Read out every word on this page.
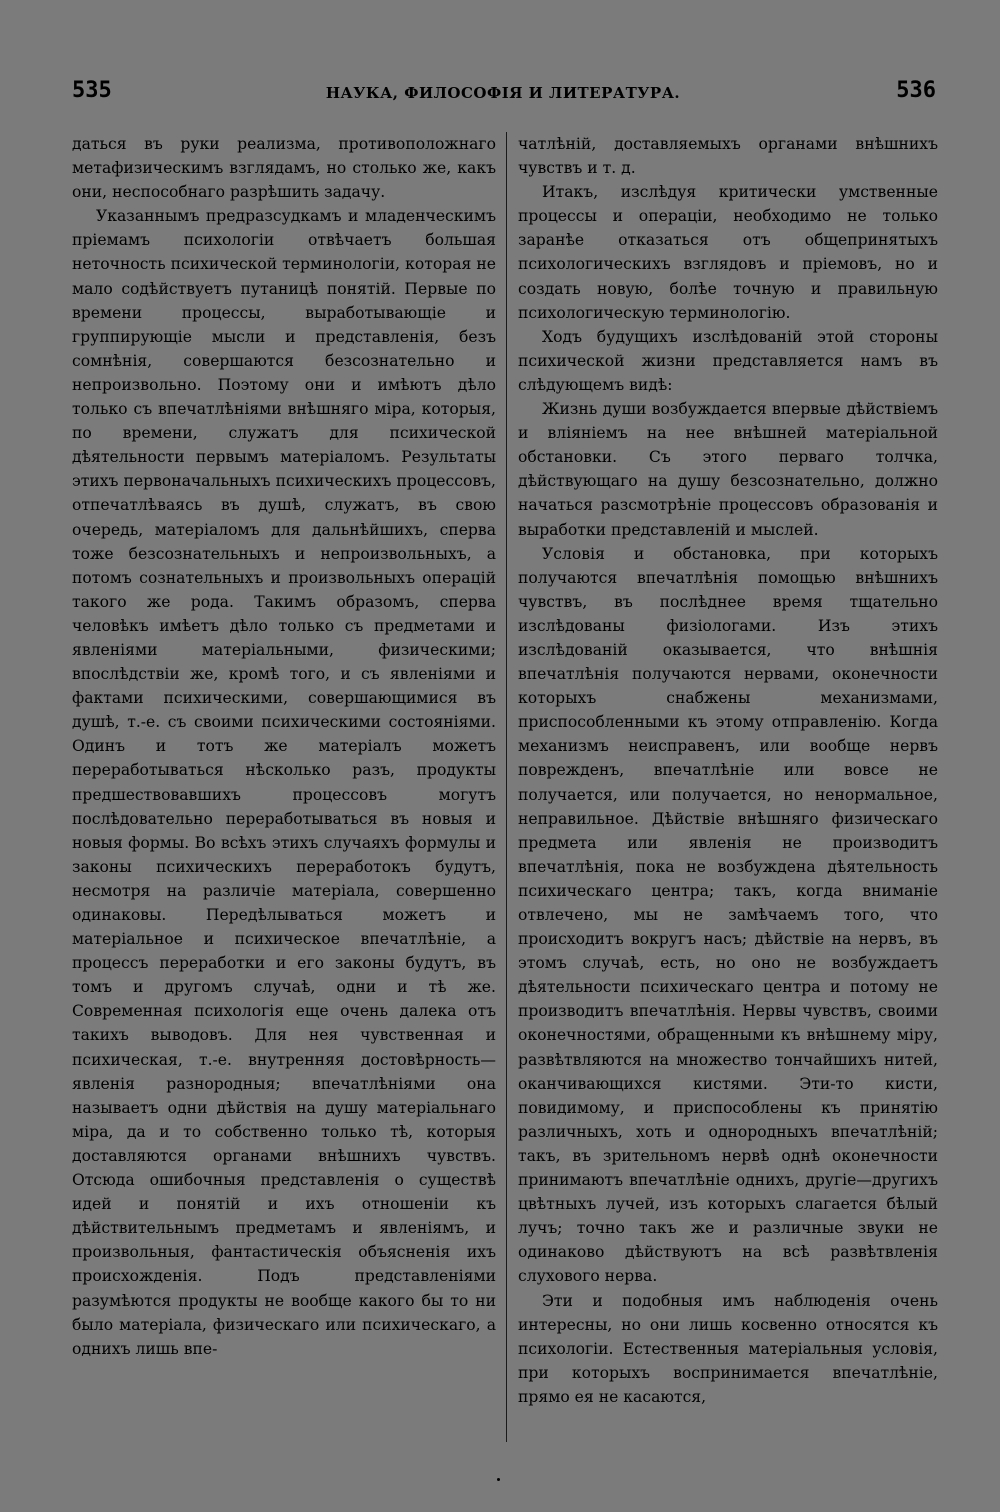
535	НАУКА, ФИЛОСОФІЯ И ЛИТЕРАТУРА.	536

даться въ руки реализма, противоположнаго метафизическимъ взглядамъ, но столько же, какъ они, неспособнаго разрѣшить задачу.

Указаннымъ предразсудкамъ и младенческимъ пріемамъ психологіи отвѣчаетъ большая неточность психической терминологіи, которая не мало содѣйствуетъ путаницѣ понятій. Первые по времени процессы, выработывающіе и группирующіе мысли и представленія, безъ сомнѣнія, совершаются безсознательно и непроизвольно. Поэтому они и имѣютъ дѣло только съ впечатлѣніями внѣшняго міра, которыя, по времени, служатъ для психической дѣятельности первымъ матеріаломъ. Результаты этихъ первоначальныхъ психическихъ процессовъ, отпечатлѣваясь въ душѣ, служатъ, въ свою очередь, матеріаломъ для дальнѣйшихъ, сперва тоже безсознательныхъ и непроизвольныхъ, а потомъ сознательныхъ и произвольныхъ операцій такого же рода. Такимъ образомъ, сперва человѣкъ имѣетъ дѣло только съ предметами и явленіями матеріальными, физическими; впослѣдствіи же, кромѣ того, и съ явленіями и фактами психическими, совершающимися въ душѣ, т.-е. съ своими психическими состояніями. Одинъ и тотъ же матеріалъ можетъ переработываться нѣсколько разъ, продукты предшествовавшихъ процессовъ могутъ послѣдовательно переработываться въ новыя и новыя формы. Во всѣхъ этихъ случаяхъ формулы и законы психическихъ переработокъ будутъ, несмотря на различіе матеріала, совершенно одинаковы. Передѣлываться можетъ и матеріальное и психическое впечатлѣніе, а процессъ переработки и его законы будутъ, въ томъ и другомъ случаѣ, одни и тѣ же. Современная психологія еще очень далека отъ такихъ выводовъ. Для нея чувственная и психическая, т.-е. внутренняя достовѣрность—явленія разнородныя; впечатлѣніями она называетъ одни дѣйствія на душу матеріальнаго міра, да и то собственно только тѣ, которыя доставляются органами внѣшнихъ чувствъ. Отсюда ошибочныя представленія о существѣ идей и понятій и ихъ отношеніи къ дѣйствительнымъ предметамъ и явленіямъ, и произвольныя, фантастическія объясненія ихъ происхожденія. Подъ представленіями разумѣются продукты не вообще какого бы то ни было матеріала, физическаго или психическаго, а однихъ лишь впе-

чатлѣній, доставляемыхъ органами внѣшнихъ чувствъ и т. д.

Итакъ, изслѣдуя критически умственные процессы и операціи, необходимо не только заранѣе отказаться отъ общепринятыхъ психологическихъ взглядовъ и пріемовъ, но и создать новую, болѣе точную и правильную психологическую терминологію.

Ходъ будущихъ изслѣдованій этой стороны психической жизни представляется намъ въ слѣдующемъ видѣ:

Жизнь души возбуждается впервые дѣйствіемъ и вліяніемъ на нее внѣшней матеріальной обстановки. Съ этого перваго толчка, дѣйствующаго на душу безсознательно, должно начаться разсмотрѣніе процессовъ образованія и выработки представленій и мыслей.

Условія и обстановка, при которыхъ получаются впечатлѣнія помощью внѣшнихъ чувствъ, въ послѣднее время тщательно изслѣдованы физіологами. Изъ этихъ изслѣдованій оказывается, что внѣшнія впечатлѣнія получаются нервами, оконечности которыхъ снабжены механизмами, приспособленными къ этому отправленію. Когда механизмъ неисправенъ, или вообще нервъ поврежденъ, впечатлѣніе или вовсе не получается, или получается, но ненормальное, неправильное. Дѣйствіе внѣшняго физическаго предмета или явленія не производитъ впечатлѣнія, пока не возбуждена дѣятельность психическаго центра; такъ, когда вниманіе отвлечено, мы не замѣчаемъ того, что происходитъ вокругъ насъ; дѣйствіе на нервъ, въ этомъ случаѣ, есть, но оно не возбуждаетъ дѣятельности психическаго центра и потому не производитъ впечатлѣнія. Нервы чувствъ, своими оконечностями, обращенными къ внѣшнему міру, развѣтвляются на множество тончайшихъ нитей, оканчивающихся кистями. Эти-то кисти, повидимому, и приспособлены къ принятію различныхъ, хоть и однородныхъ впечатлѣній; такъ, въ зрительномъ нервѣ однѣ оконечности принимаютъ впечатлѣніе однихъ, другіе—другихъ цвѣтныхъ лучей, изъ которыхъ слагается бѣлый лучъ; точно такъ же и различные звуки не одинаково дѣйствуютъ на всѣ развѣтвленія слухового нерва.

Эти и подобныя имъ наблюденія очень интересны, но они лишь косвенно относятся къ психологіи. Естественныя матеріальныя условія, при которыхъ воспринимается впечатлѣніе, прямо ея не касаются,
